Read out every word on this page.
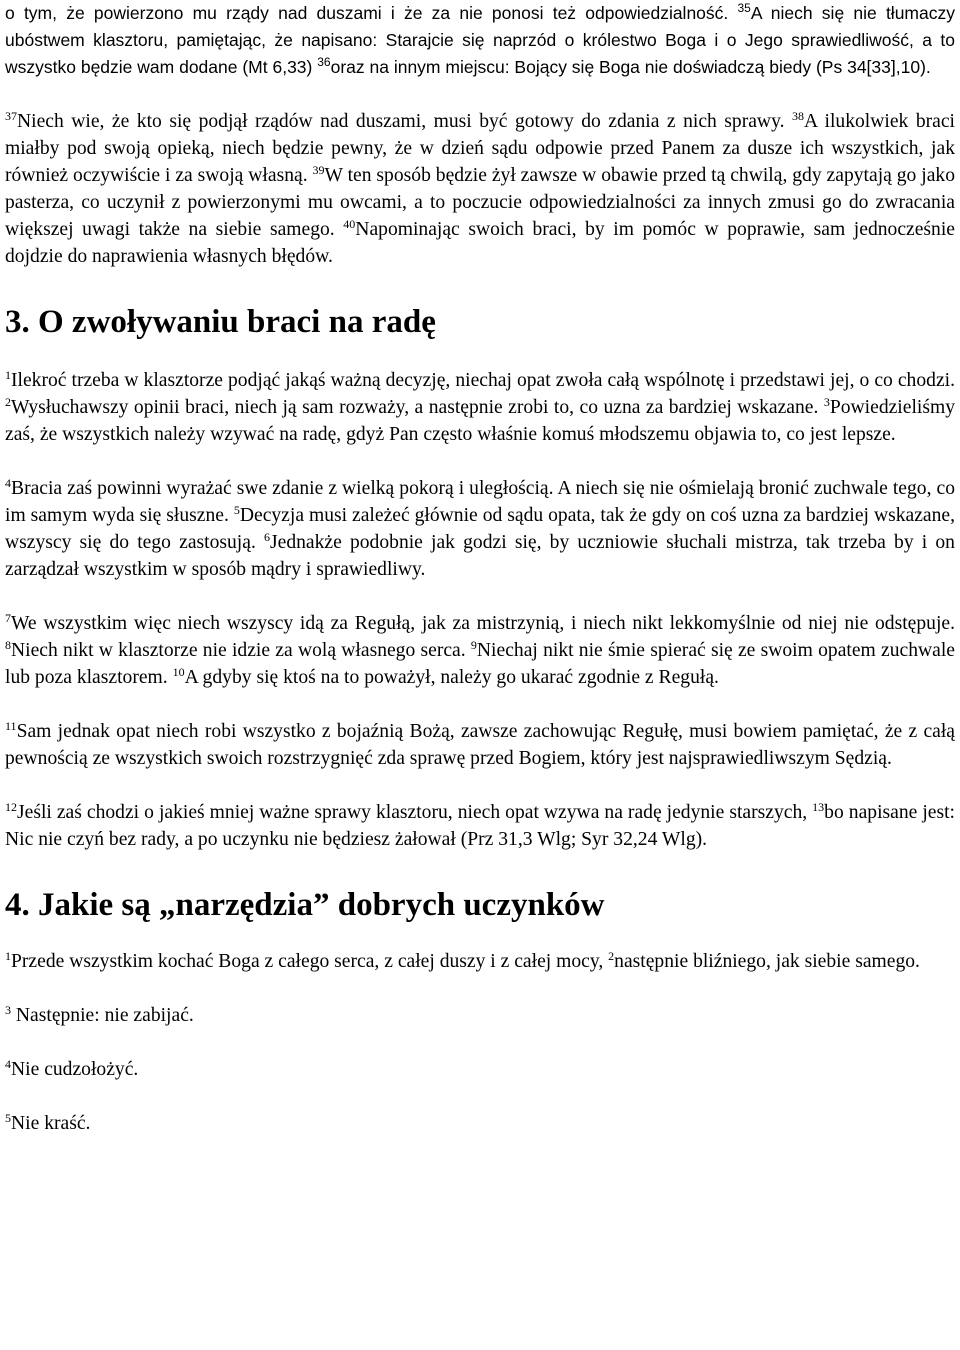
o tym, że powierzono mu rządy nad duszami i że za nie ponosi też odpowiedzialność. $^{35}$A niech się nie tłumaczy ubóstwem klasztoru, pamiętając, że napisano: Starajcie się naprzód o królestwo Boga i o Jego sprawiedliwość, a to wszystko będzie wam dodane (Mt 6,33) $^{36}$oraz na innym miejscu: Bojący się Boga nie doświadczą biedy (Ps 34[33],10).

$^{37}$Niech wie, że kto się podjął rządów nad duszami, musi być gotowy do zdania z nich sprawy. $^{38}$A ilukolwiek braci miałby pod swoją opieką, niech będzie pewny, że w dzień sądu odpowie przed Panem za dusze ich wszystkich, jak również oczywiście i za swoją własną. $^{39}$W ten sposób będzie żył zawsze w obawie przed tą chwilą, gdy zapytają go jako pasterza, co uczynił z powierzonymi mu owcami, a to poczucie odpowiedzialności za innych zmusi go do zwracania większej uwagi także na siebie samego. $^{40}$Napominając swoich braci, by im pomóc w poprawie, sam jednocześnie dojdzie do naprawienia własnych błędów.

3. O zwoływaniu braci na radę

$^1$Ilekroć trzeba w klasztorze podjąć jakąś ważną decyzję, niechaj opat zwoła całą wspólnotę i przedstawi jej, o co chodzi. $^2$Wysłuchawszy opinii braci, niech ją sam rozważy, a następnie zrobi to, co uzna za bardziej wskazane. $^3$Powiedzieliśmy zaś, że wszystkich należy wzywać na radę, gdyż Pan często właśnie komuś młodszemu objawia to, co jest lepsze.

$^4$Bracia zaś powinni wyrażać swe zdanie z wielką pokorą i uległością. A niech się nie ośmielają bronić zuchwale tego, co im samym wyda się słuszne. $^5$Decyzja musi zależeć głównie od sądu opata, tak że gdy on coś uzna za bardziej wskazane, wszyscy się do tego zastosują. $^6$Jednakże podobnie jak godzi się, by uczniowie słuchali mistrza, tak trzeba by i on zarządzał wszystkim w sposób mądry i sprawiedliwy.

$^7$We wszystkim więc niech wszyscy idą za Regułą, jak za mistrzynią, i niech nikt lekkomyślnie od niej nie odstępuje. $^8$Niech nikt w klasztorze nie idzie za wolą własnego serca. $^9$Niechaj nikt nie śmie spierać się ze swoim opatem zuchwale lub poza klasztorem. $^{10}$A gdyby się ktoś na to poważył, należy go ukarać zgodnie z Regułą.

$^{11}$Sam jednak opat niech robi wszystko z bojaźnią Bożą, zawsze zachowując Regułę, musi bowiem pamiętać, że z całą pewnością ze wszystkich swoich rozstrzygnięć zda sprawę przed Bogiem, który jest najsprawiedliwszym Sędzią.

$^{12}$Jeśli zaś chodzi o jakieś mniej ważne sprawy klasztoru, niech opat wzywa na radę jedynie starszych, $^{13}$bo napisane jest: Nic nie czyń bez rady, a po uczynku nie będziesz żałował (Prz 31,3 Wlg; Syr 32,24 Wlg).

4. Jakie są „narzędzia” dobrych uczynków

$^1$Przede wszystkim kochać Boga z całego serca, z całej duszy i z całej mocy, $^2$następnie bliźniego, jak siebie samego.

$^3$ Następnie: nie zabijać.

$^4$Nie cudzołożyć.

$^5$Nie kraść.
